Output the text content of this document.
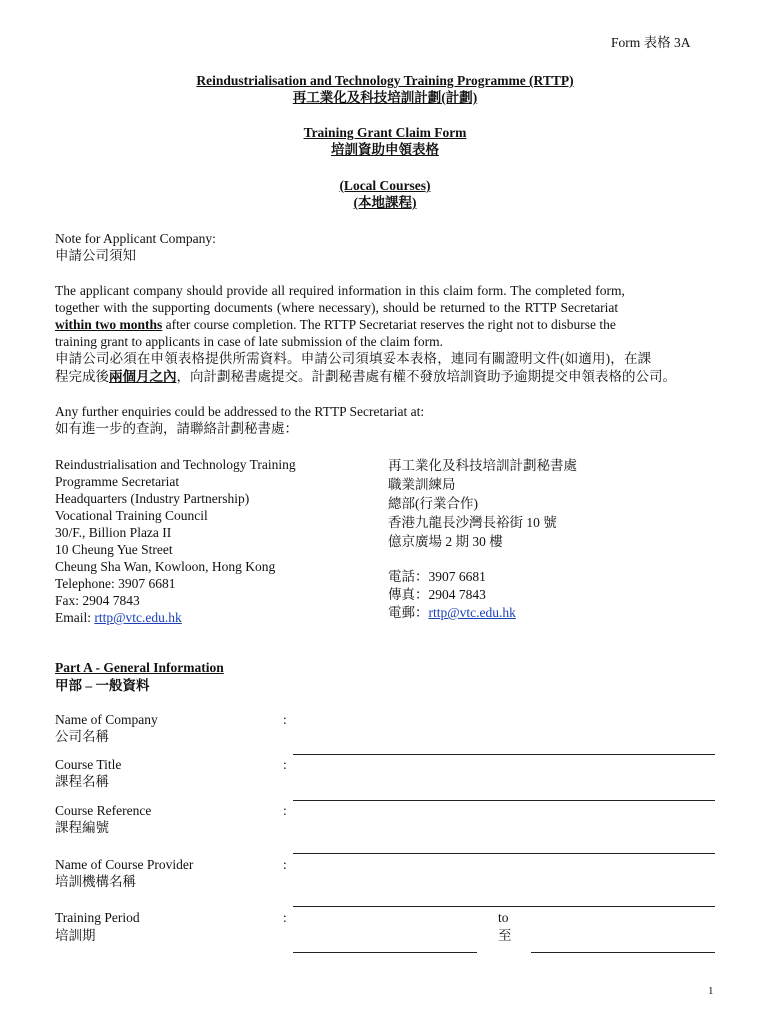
Form 表格 3A
Reindustrialisation and Technology Training Programme (RTTP)
再工業化及科技培訓計劃(計劃)
Training Grant Claim Form
培訓資助申領表格
(Local Courses)
(本地課程)
Note for Applicant Company:
申請公司須知
The applicant company should provide all required information in this claim form. The completed form,
together with the supporting documents (where necessary), should be returned to the RTTP Secretariat
within two months after course completion. The RTTP Secretariat reserves the right not to disburse the
training grant to applicants in case of late submission of the claim form.
申請公司必須在申領表格提供所需資料。申請公司須填妥本表格，連同有關證明文件(如適用)，在課
程完成後兩個月之內，向計劃秘書處提交。計劃秘書處有權不發放培訓資助予逾期提交申領表格的公司。
Any further enquiries could be addressed to the RTTP Secretariat at:
如有進一步的查詢，請聯絡計劃秘書處：
Reindustrialisation and Technology Training
Programme Secretariat
Headquarters (Industry Partnership)
Vocational Training Council
30/F., Billion Plaza II
10 Cheung Yue Street
Cheung Sha Wan, Kowloon, Hong Kong
Telephone: 3907 6681
Fax: 2904 7843
Email: rttp@vtc.edu.hk
再工業化及科技培訓計劃秘書處
職業訓練局
總部(行業合作)
香港九龍長沙灣長裕街 10 號
億京廣場 2 期 30 樓
電話：3907 6681
傳真：2904 7843
電郵：rttp@vtc.edu.hk
Part A - General Information
甲部 – 一般資料
Name of Company
公司名稱
:
Course Title
課程名稱
:
Course Reference
課程編號
:
Name of Course Provider
培訓機構名稱
:
Training Period
培訓期
:	to
至
1
